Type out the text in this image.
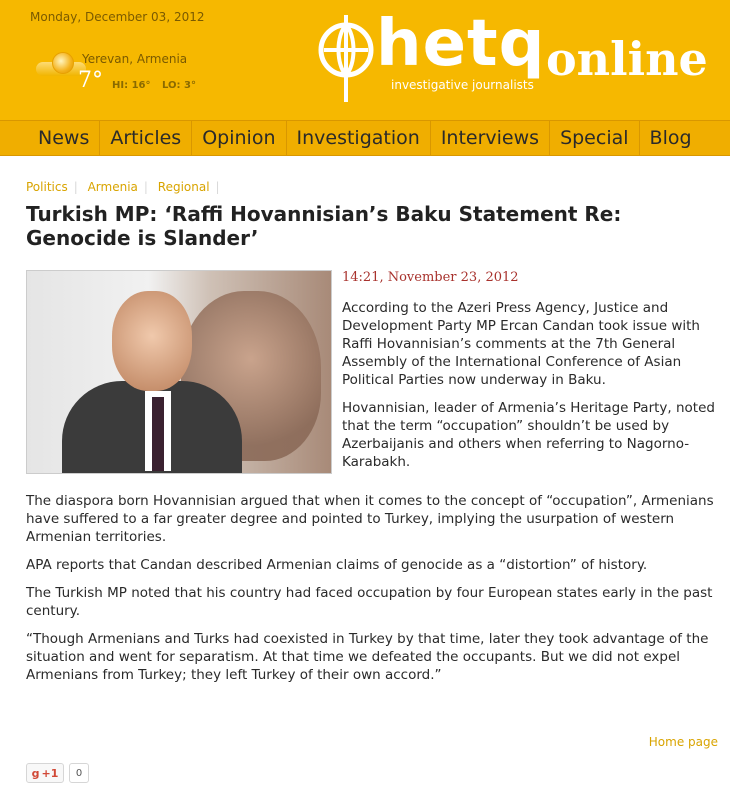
Monday, December 03, 2012
Yerevan, Armenia
7° HI: 16° LO: 3°
hetq
investigative journalists online
News	Articles	Opinion	Investigation	Interviews	Special	Blog
Politics | Armenia | Regional |
Turkish MP: ‘Raffi Hovannisian’s Baku Statement Re: Genocide is Slander’
14:21, November 23, 2012

According to the Azeri Press Agency, Justice and Development Party MP Ercan Candan took issue with Raffi Hovannisian’s comments at the 7th General Assembly of the International Conference of Asian Political Parties now underway in Baku.

Hovannisian, leader of Armenia’s Heritage Party, noted that the term “occupation” shouldn’t be used by Azerbaijanis and others when referring to Nagorno-Karabakh.

The diaspora born Hovannisian argued that when it comes to the concept of “occupation”, Armenians have suffered to a far greater degree and pointed to Turkey, implying the usurpation of western Armenian territories.

APA reports that Candan described Armenian claims of genocide as a “distortion” of history.

The Turkish MP noted that his country had faced occupation by four European states early in the past century.

“Though Armenians and Turks had coexisted in Turkey by that time, later they took advantage of the situation and went for separatism. At that time we defeated the occupants. But we did not expel Armenians from Turkey; they left Turkey of their own accord.”

Home page
g +1	0
